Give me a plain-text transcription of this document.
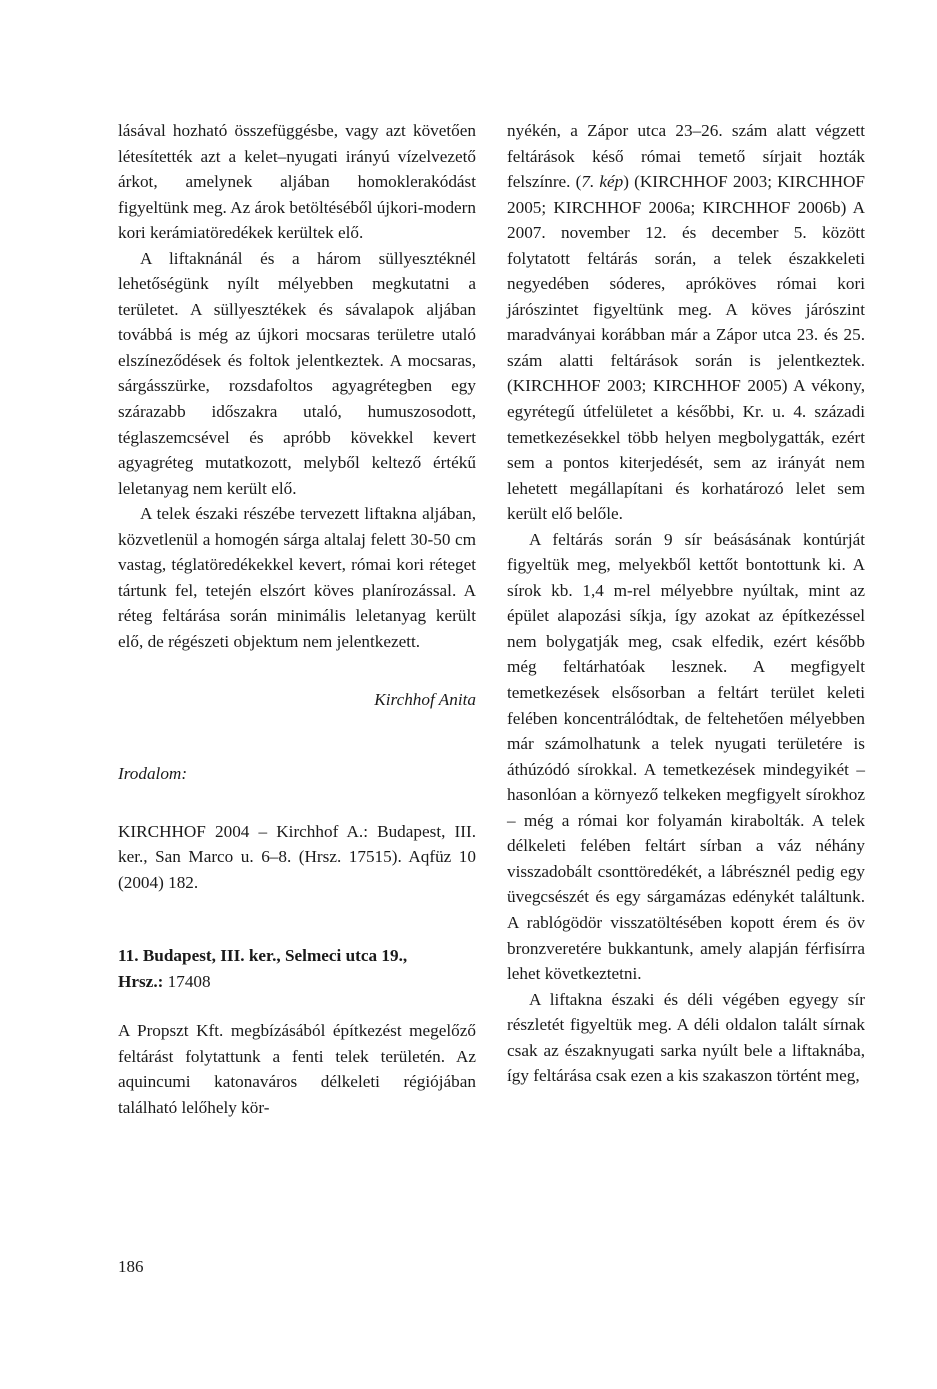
lásával hozható összefüggésbe, vagy azt követően létesítették azt a kelet–nyugati irányú vízelvezető árkot, amelynek aljában homoklerakódást figyeltünk meg. Az árok betöltéséből újkori-modern kori kerámiatöredékek kerültek elő.

A liftaknánál és a három süllyesztéknél lehetőségünk nyílt mélyebben megkutatni a területet. A süllyesztékek és sávalapok aljában továbbá is még az újkori mocsaras területre utaló elszíneződések és foltok jelentkeztek. A mocsaras, sárgásszürke, rozsdafoltos agyagrétegben egy szárazabb időszakra utaló, humuszosodott, téglaszemcsével és apróbb kövekkel kevert agyagréteg mutatkozott, melyből keltező értékű leletanyag nem került elő.

A telek északi részébe tervezett liftakna aljában, közvetlenül a homogén sárga altalaj felett 30-50 cm vastag, téglatöredékekkel kevert, római kori réteget tártunk fel, tetején elszórt köves planírozással. A réteg feltárása során minimális leletanyag került elő, de régészeti objektum nem jelentkezett.

Kirchhof Anita

Irodalom:

KIRCHHOF 2004 – Kirchhof A.: Budapest, III. ker., San Marco u. 6–8. (Hrsz. 17515). Aqfüz 10 (2004) 182.

11. Budapest, III. ker., Selmeci utca 19.,
Hrsz.: 17408

A Propszt Kft. megbízásából építkezést megelőző feltárást folytattunk a fenti telek területén. Az aquincumi katonaváros délkeleti régiójában található lelőhely kör-

nyékén, a Zápor utca 23–26. szám alatt végzett feltárások késő római temető sírjait hozták felszínre. (7. kép) (KIRCHHOF 2003; KIRCHHOF 2005; KIRCHHOF 2006a; KIRCHHOF 2006b) A 2007. november 12. és december 5. között folytatott feltárás során, a telek északkeleti negyedében sóderes, apróköves római kori járószintet figyeltünk meg. A köves járószint maradványai korábban már a Zápor utca 23. és 25. szám alatti feltárások során is jelentkeztek. (KIRCHHOF 2003; KIRCHHOF 2005) A vékony, egyrétegű útfelületet a későbbi, Kr. u. 4. századi temetkezésekkel több helyen megbolygatták, ezért sem a pontos kiterjedését, sem az irányát nem lehetett megállapítani és korhatározó lelet sem került elő belőle.

A feltárás során 9 sír beásásának kontúrját figyeltük meg, melyekből kettőt bontottunk ki. A sírok kb. 1,4 m-rel mélyebbre nyúltak, mint az épület alapozási síkja, így azokat az építkezéssel nem bolygatják meg, csak elfedik, ezért később még feltárhatóak lesznek. A megfigyelt temetkezések elsősorban a feltárt terület keleti felében koncentrálódtak, de feltehetően mélyebben már számolhatunk a telek nyugati területére is áthúzódó sírokkal. A temetkezések mindegyikét – hasonlóan a környező telkeken megfigyelt sírokhoz – még a római kor folyamán kirabolták. A telek délkeleti felében feltárt sírban a váz néhány visszadobált csonttöredékét, a lábrésznél pedig egy üvegcsészét és egy sárgamázas edénykét találtunk. A rablógödör visszatöltésében kopott érem és öv bronzveretére bukkantunk, amely alapján férfisírra lehet következtetni.

A liftakna északi és déli végében egyegy sír részletét figyeltük meg. A déli oldalon talált sírnak csak az északnyugati sarka nyúlt bele a liftaknába, így feltárása csak ezen a kis szakaszon történt meg,

186
